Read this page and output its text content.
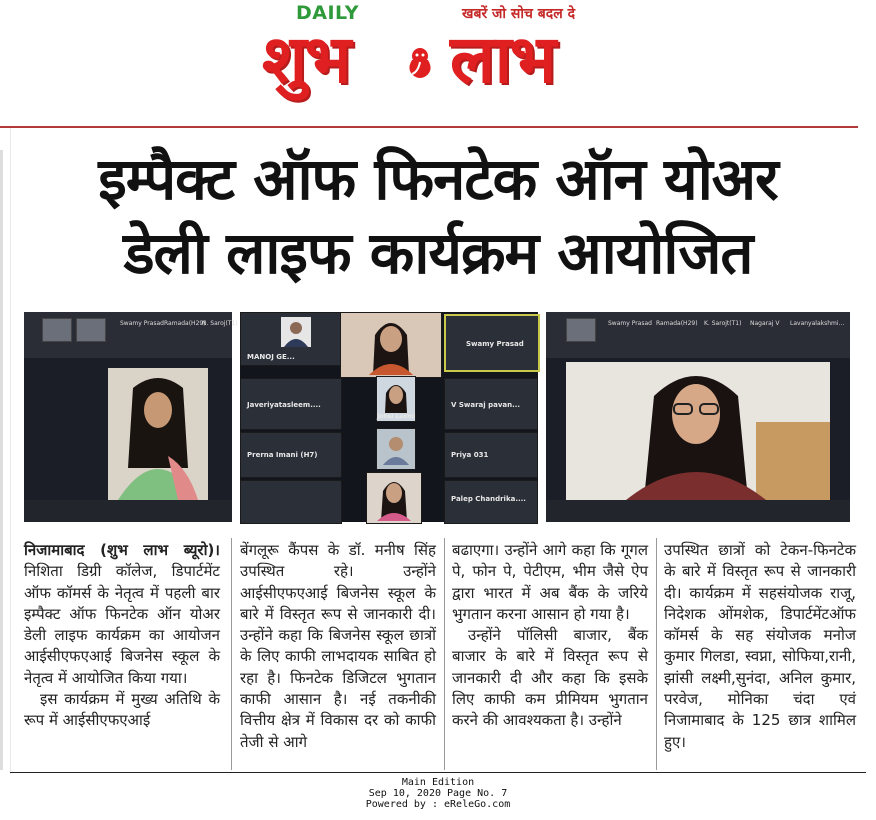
DAILY	खबरें जो सोच बदल दे
शुभ लाभ
इम्पैक्ट ऑफ फिनटेक ऑन योअर
डेली लाइफ कार्यक्रम आयोजित
Swamy Prasad Ramada(H29)
N. Saroj(T1)
MANOJ GE...
Swamy Prasad
Javeriyatasleem....
Jonsi Laxmi
V Swaraj pavan...
Prerna Imani (H7)	Priya 031
Palep Chandrika....
Swamy Prasad Ramada(H29) K. Sarojt(T1) Nagaraj V Lavanyalakshmi...
निजामाबाद (शुभ लाभ ब्यूरो)। निशिता डिग्री कॉलेज, डिपार्टमेंट ऑफ कॉमर्स के नेतृत्व में पहली बार इम्पैक्ट ऑफ फिनटेक ऑन योअर डेली लाइफ कार्यक्रम का आयोजन आईसीएफएआई बिजनेस स्कूल के नेतृत्व में आयोजित किया गया।
इस कार्यक्रम में मुख्य अतिथि के रूप में आईसीएफएआई
बेंगलूरू कैंपस के डॉ. मनीष सिंह उपस्थित रहे। उन्होंने आईसीएफएआई बिजनेस स्कूल के बारे में विस्तृत रूप से जानकारी दी। उन्होंने कहा कि बिजनेस स्कूल छात्रों के लिए काफी लाभदायक साबित हो रहा है। फिनटेक डिजिटल भुगतान काफी आसान है। नई तकनीकी वित्तीय क्षेत्र में विकास दर को काफी तेजी से आगे
बढाएगा। उन्होंने आगे कहा कि गूगल पे, फोन पे, पेटीएम, भीम जैसे ऐप द्वारा भारत में अब बैंक के जरिये भुगतान करना आसान हो गया है।
उन्होंने पॉलिसी बाजार, बैंक बाजार के बारे में विस्तृत रूप से जानकारी दी और कहा कि इसके लिए काफी कम प्रीमियम भुगतान करने की आवश्यकता है। उन्होंने
उपस्थित छात्रों को टेकन-फिनटेक के बारे में विस्तृत रूप से जानकारी दी। कार्यक्रम में सहसंयोजक राजू, निदेशक ओंमशेक, डिपार्टमेंटऑफ कॉमर्स के सह संयोजक मनोज कुमार गिलडा, स्वप्ना, सोफिया,रानी, झांसी लक्ष्मी,सुनंदा, अनिल कुमार, परवेज, मोनिका चंदा एवं निजामाबाद के 125 छात्र शामिल हुए।
Main Edition
Sep 10, 2020 Page No. 7
Powered by : eReleGo.com
